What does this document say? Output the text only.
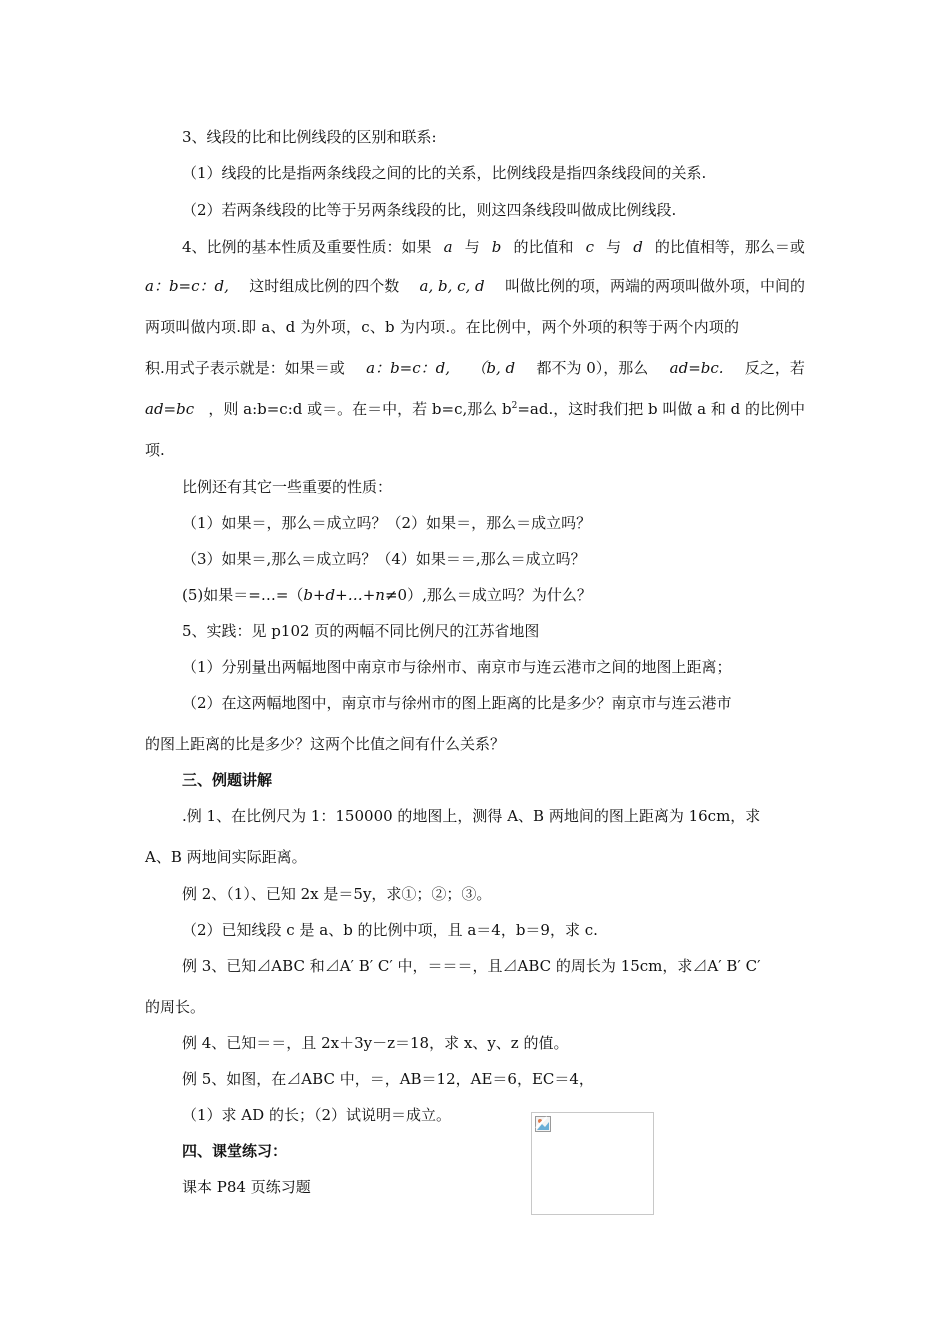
3、线段的比和比例线段的区别和联系:
（1）线段的比是指两条线段之间的比的关系，比例线段是指四条线段间的关系.
（2）若两条线段的比等于另两条线段的比，则这四条线段叫做成比例线段.
4、比例的基本性质及重要性质：如果 a 与 b 的比值和 c 与 d 的比值相等，那么＝或
a：b=c：d, 这时组成比例的四个数 a, b, c, d 叫做比例的项，两端的两项叫做外项，中间的
两项叫做内项.即 a、d 为外项，c、b 为内项.。在比例中，两个外项的积等于两个内项的
积.用式子表示就是：如果＝或 a：b=c：d, （b, d 都不为 0），那么 ad=bc. 反之，若
ad=bc ，则 a:b=c:d 或＝。在＝中，若 b=c,那么 $b^2=ad$.，这时我们把 b 叫做 a 和 d 的比例中
项.
比例还有其它一些重要的性质：
（1）如果＝，那么＝成立吗？（2）如果＝，那么＝成立吗？
（3）如果＝,那么＝成立吗？（4）如果＝＝,那么＝成立吗？
(5)如果＝=…=（b+d+…+n≠0）,那么＝成立吗？为什么？
5、实践：见 p102 页的两幅不同比例尺的江苏省地图
（1）分别量出两幅地图中南京市与徐州市、南京市与连云港市之间的地图上距离；
（2）在这两幅地图中，南京市与徐州市的图上距离的比是多少？南京市与连云港市
的图上距离的比是多少？这两个比值之间有什么关系？
三、例题讲解
.例 1、在比例尺为 1：150000 的地图上，测得 A、B 两地间的图上距离为 16cm，求
A、B 两地间实际距离。
例 2、（1）、已知 2x 是＝5y，求①；②；③。
（2）已知线段 c 是 a、b 的比例中项，且 a＝4，b＝9，求 c.
例 3、已知⊿ABC 和⊿A′ B′ C′ 中，＝＝＝，且⊿ABC 的周长为 15cm，求⊿A′ B′ C′
的周长。
例 4、已知＝＝，且 2x＋3y－z＝18，求 x、y、z 的值。
例 5、如图，在⊿ABC 中，＝，AB＝12，AE＝6，EC＝4，
（1）求 AD 的长；（2）试说明＝成立。
四、课堂练习：
课本 P84 页练习题
